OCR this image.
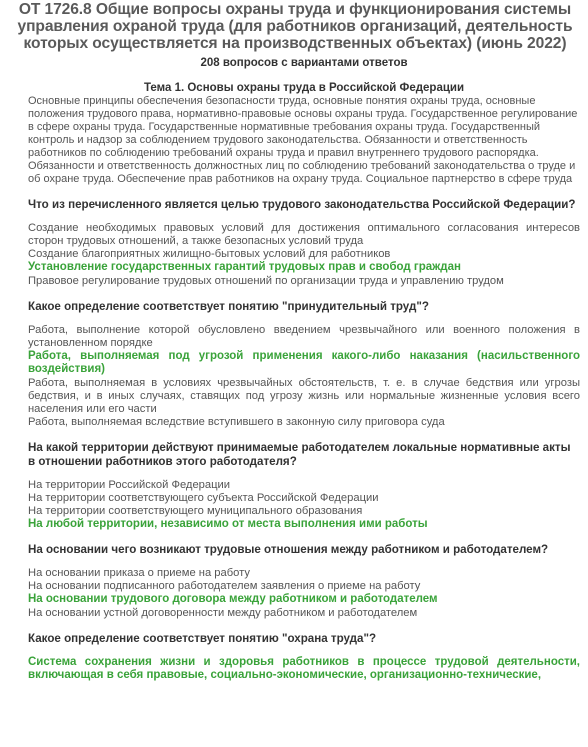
ОТ 1726.8 Общие вопросы охраны труда и функционирования системы управления охраной труда (для работников организаций, деятельность которых осуществляется на производственных объектах) (июнь 2022)
208 вопросов с вариантами ответов
Тема 1. Основы охраны труда в Российской Федерации
Основные принципы обеспечения безопасности труда, основные понятия охраны труда, основные положения трудового права, нормативно-правовые основы охраны труда. Государственное регулирование в сфере охраны труда. Государственные нормативные требования охраны труда. Государственный контроль и надзор за соблюдением трудового законодательства. Обязанности и ответственность работников по соблюдению требований охраны труда и правил внутреннего трудового распорядка. Обязанности и ответственность должностных лиц по соблюдению требований законодательства о труде и об охране труда. Обеспечение прав работников на охрану труда. Социальное партнерство в сфере труда
Что из перечисленного является целью трудового законодательства Российской Федерации?
Создание необходимых правовых условий для достижения оптимального согласования интересов сторон трудовых отношений, а также безопасных условий труда
Создание благоприятных жилищно-бытовых условий для работников
Установление государственных гарантий трудовых прав и свобод граждан
Правовое регулирование трудовых отношений по организации труда и управлению трудом
Какое определение соответствует понятию "принудительный труд"?
Работа, выполнение которой обусловлено введением чрезвычайного или военного положения в установленном порядке
Работа, выполняемая под угрозой применения какого-либо наказания (насильственного воздействия)
Работа, выполняемая в условиях чрезвычайных обстоятельств, т. е. в случае бедствия или угрозы бедствия, и в иных случаях, ставящих под угрозу жизнь или нормальные жизненные условия всего населения или его части
Работа, выполняемая вследствие вступившего в законную силу приговора суда
На какой территории действуют принимаемые работодателем локальные нормативные акты в отношении работников этого работодателя?
На территории Российской Федерации
На территории соответствующего субъекта Российской Федерации
На территории соответствующего муниципального образования
На любой территории, независимо от места выполнения ими работы
На основании чего возникают трудовые отношения между работником и работодателем?
На основании приказа о приеме на работу
На основании подписанного работодателем заявления о приеме на работу
На основании трудового договора между работником и работодателем
На основании устной договоренности между работником и работодателем
Какое определение соответствует понятию "охрана труда"?
Система сохранения жизни и здоровья работников в процессе трудовой деятельности, включающая в себя правовые, социально-экономические, организационно-технические,
